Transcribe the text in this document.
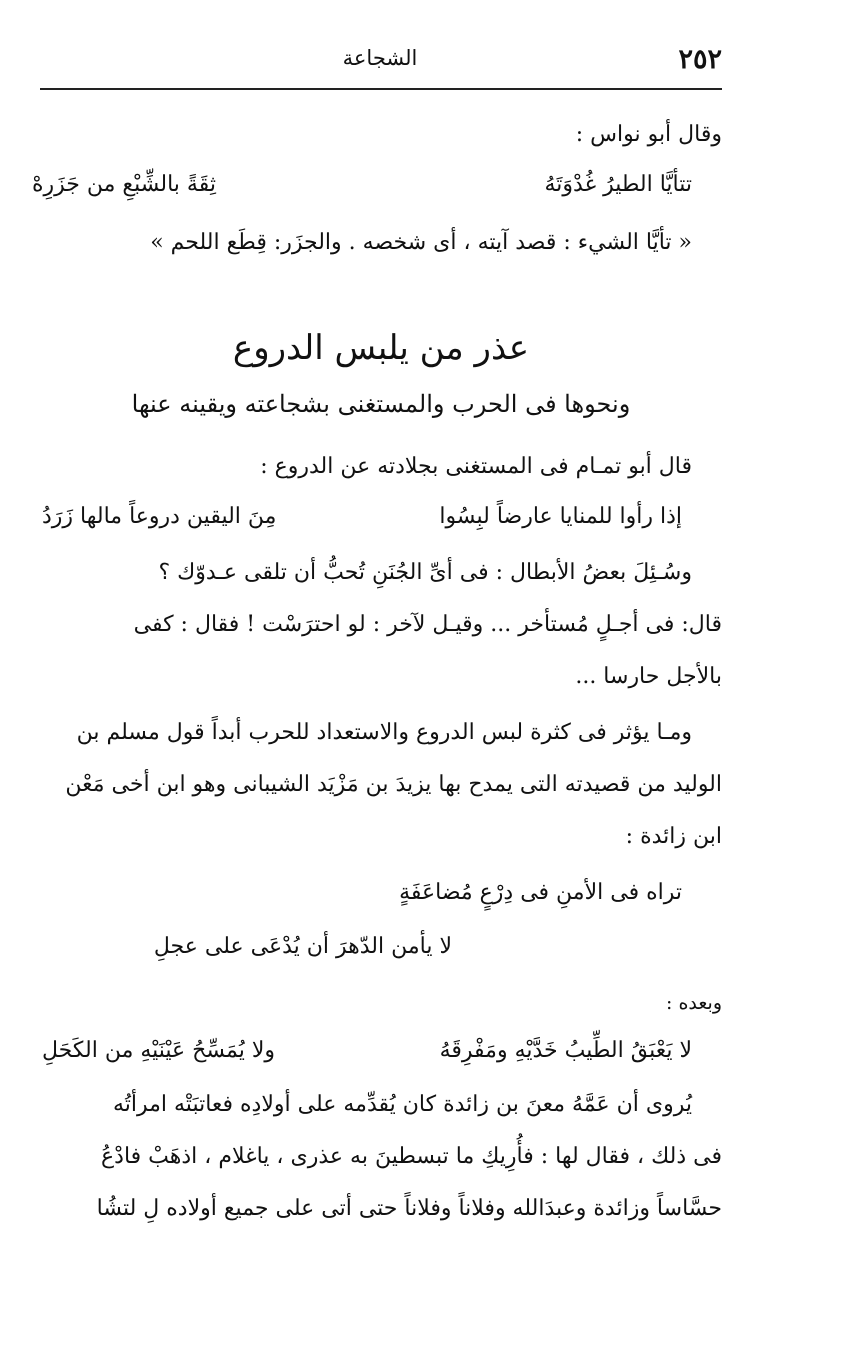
٢٥٢
الشجاعة
وقال أبو نواس :
تتأيَّا الطيرُ غُدْوَتَهُ
ثِقَةً بالشِّبْعِ من جَزَرِهْ
« تأيَّا الشيء : قصد آيته ، أى شخصه . والجزَر: قِطَع اللحم »
عذر من يلبس الدروع
ونحوها فى الحرب والمستغنى بشجاعته ويقينه عنها
قال أبو تمـام فى المستغنى بجلادته عن الدروع :
إذا رأوا للمنايا عارضاً لبِسُوا
مِنَ اليقين دروعاً مالها زَرَدُ
وسُـئِلَ بعضُ الأبطال : فى أىِّ الجُنَنِ تُحبُّ أن تلقى عـدوّك ؟
قال: فى أجـلٍ مُستأخر ... وقيـل لآخر : لو احترَسْت ! فقال : كفى
بالأجل حارسا ...
ومـا يؤثر فى كثرة لبس الدروع والاستعداد للحرب أبداً قول مسلم بن
الوليد من قصيدته التى يمدح بها يزيدَ بن مَزْيَد الشيبانى وهو ابن أخى مَعْن
ابن زائدة :
تراه فى الأمنِ فى دِرْعٍ مُضاعَفَةٍ
لا يأمن الدّهرَ أن يُدْعَى على عجلِ
وبعده :
لا يَعْبَقُ الطِّيبُ خَدَّيْهِ ومَفْرِقَهُ
ولا يُمَسِّحُ عَيْنَيْهِ من الكَحَلِ
يُروى أن عَمَّهُ معنَ بن زائدة كان يُقدِّمه على أولادِه فعاتبَتْه امرأتُه
فى ذلك ، فقال لها : فأُرِيكِ ما تبسطينَ به عذرى ، ياغلام ، اذهَبْ فادْعُ
حسَّاساً وزائدة وعبدَالله وفلاناً وفلاناً حتى أتى على جميع أولاده لِ لتشُا
